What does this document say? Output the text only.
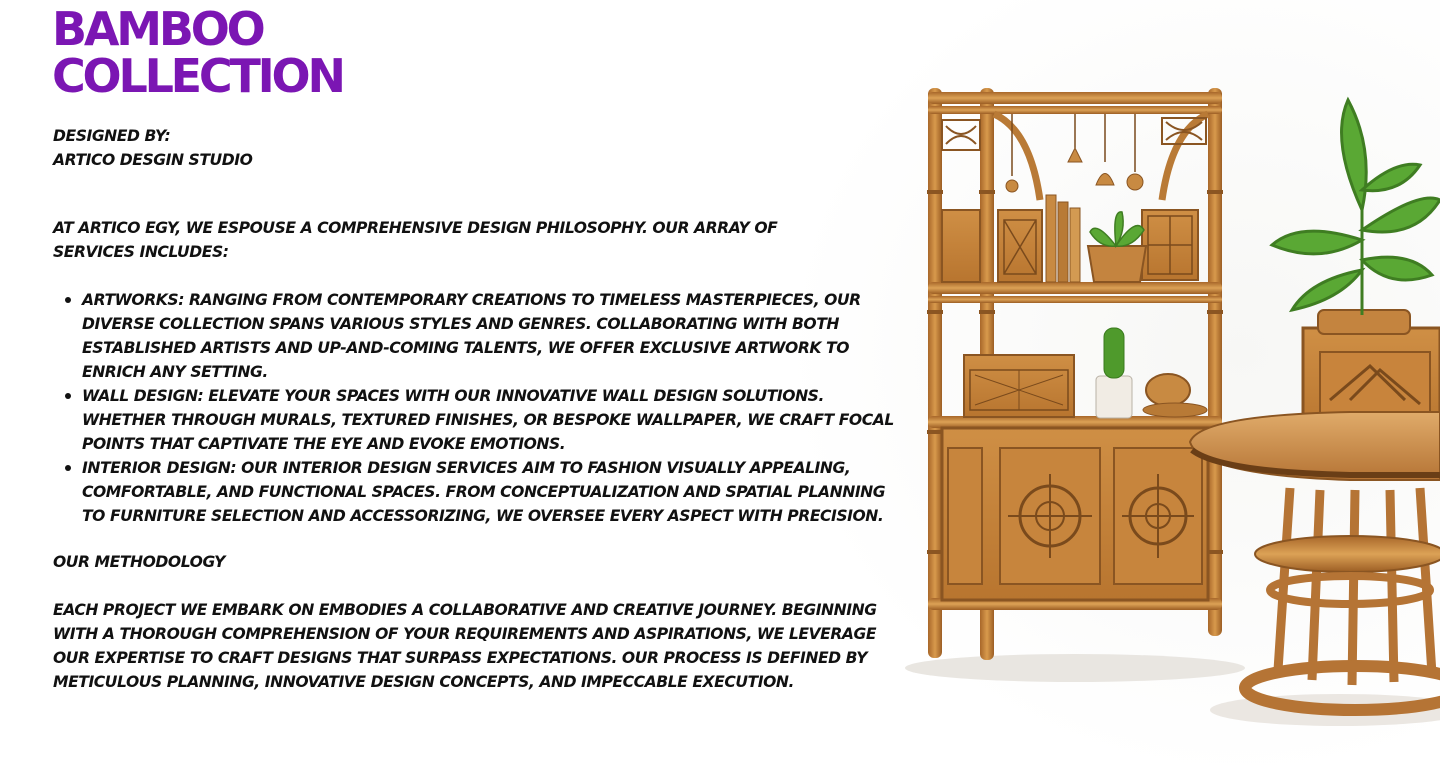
BAMBOO
COLLECTION

DESIGNED BY:
ARTICO DESGIN STUDIO

AT ARTICO EGY, WE ESPOUSE A COMPREHENSIVE DESIGN PHILOSOPHY. OUR ARRAY OF SERVICES INCLUDES:

ARTWORKS: RANGING FROM CONTEMPORARY CREATIONS TO TIMELESS MASTERPIECES, OUR DIVERSE COLLECTION SPANS VARIOUS STYLES AND GENRES. COLLABORATING WITH BOTH ESTABLISHED ARTISTS AND UP-AND-COMING TALENTS, WE OFFER EXCLUSIVE ARTWORK TO ENRICH ANY SETTING.
WALL DESIGN: ELEVATE YOUR SPACES WITH OUR INNOVATIVE WALL DESIGN SOLUTIONS. WHETHER THROUGH MURALS, TEXTURED FINISHES, OR BESPOKE WALLPAPER, WE CRAFT FOCAL POINTS THAT CAPTIVATE THE EYE AND EVOKE EMOTIONS.
INTERIOR DESIGN: OUR INTERIOR DESIGN SERVICES AIM TO FASHION VISUALLY APPEALING, COMFORTABLE, AND FUNCTIONAL SPACES. FROM CONCEPTUALIZATION AND SPATIAL PLANNING TO FURNITURE SELECTION AND ACCESSORIZING, WE OVERSEE EVERY ASPECT WITH PRECISION.

OUR METHODOLOGY

EACH PROJECT WE EMBARK ON EMBODIES A COLLABORATIVE AND CREATIVE JOURNEY. BEGINNING WITH A THOROUGH COMPREHENSION OF YOUR REQUIREMENTS AND ASPIRATIONS, WE LEVERAGE OUR EXPERTISE TO CRAFT DESIGNS THAT SURPASS EXPECTATIONS. OUR PROCESS IS DEFINED BY METICULOUS PLANNING, INNOVATIVE DESIGN CONCEPTS, AND IMPECCABLE EXECUTION.
